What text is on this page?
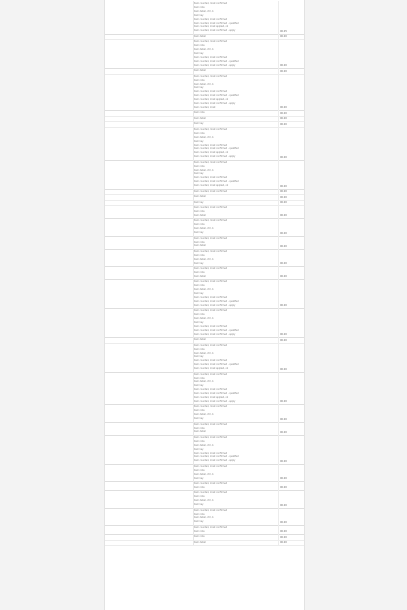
Item counted, most confirmed
item note
item detail, ctrl, b
item key
item counted, most confirmed
item counted, most confirmed - qualified
item counted, most applied, ok
item counted, most confirmed - apply	00.05
item detail	00.00
Item counted, most confirmed
item note
item detail, ctrl, b
item key
item counted, most confirmed
item counted, most confirmed - qualified
item counted, most confirmed - apply	00.00
item detail	00.00
Item counted, most confirmed
item note
item detail, ctrl, b
item key
item counted, most confirmed
item counted, most confirmed - qualified
item counted, most applied, ok
item counted, most confirmed - apply
item counted, most	00.00
item note	00.00
item detail	00.00
item key	00.00
Item counted, most confirmed
item note
item detail, ctrl, b
item key
item counted, most confirmed
item counted, most confirmed - qualified
item counted, most applied, ok
item counted, most confirmed - apply	00.00
Item counted, most confirmed
item note
item detail, ctrl, b
item key
item counted, most confirmed
item counted, most confirmed - qualified
item counted, most applied, ok	00.00
item counted, most confirmed	00.00
item detail	00.00
item key	00.00
item counted, most confirmed
item note
item detail	00.00
Item counted, most confirmed
item note
item detail, ctrl, b
item key	00.00
item counted, most confirmed
item note
item detail	00.00
Item counted, most confirmed
item note
item detail, ctrl, b
item key	00.00
item counted, most confirmed
item note
item detail	00.00
item counted, most confirmed
item note
item detail, ctrl, b
item key
item counted, most confirmed
item counted, most confirmed - qualified
item counted, most confirmed - apply	00.00
item counted, most confirmed
item note
item detail, ctrl, b
item key
item counted, most confirmed
item counted, most confirmed - qualified
item counted, most confirmed - apply	00.00
item detail	00.00
item counted, most confirmed
item note
item detail, ctrl, b
item key
item counted, most confirmed
item counted, most confirmed - qualified
item counted, most applied, ok	00.00
item counted, most confirmed
item note
item detail, ctrl, b
item key
item counted, most confirmed
item counted, most confirmed - qualified
item counted, most applied, ok
item counted, most confirmed - apply	00.00
Item counted, most confirmed
item note
item detail, ctrl, b
item key	00.00
item counted, most confirmed
item note
item detail	00.00
item counted, most confirmed
item note
item detail, ctrl, b
item key
item counted, most confirmed
item counted, most confirmed - qualified
item counted, most confirmed - apply	00.00
item counted, most confirmed
item note
item detail, ctrl, b
item key	00.00
item counted, most confirmed
item note	00.00
item counted, most confirmed
item note
item detail, ctrl, b
item key	00.00
item counted, most confirmed
item note
item detail, ctrl, b
item key	00.00
item counted, most confirmed
item note	00.00
item note	00.00
item detail	00.00
